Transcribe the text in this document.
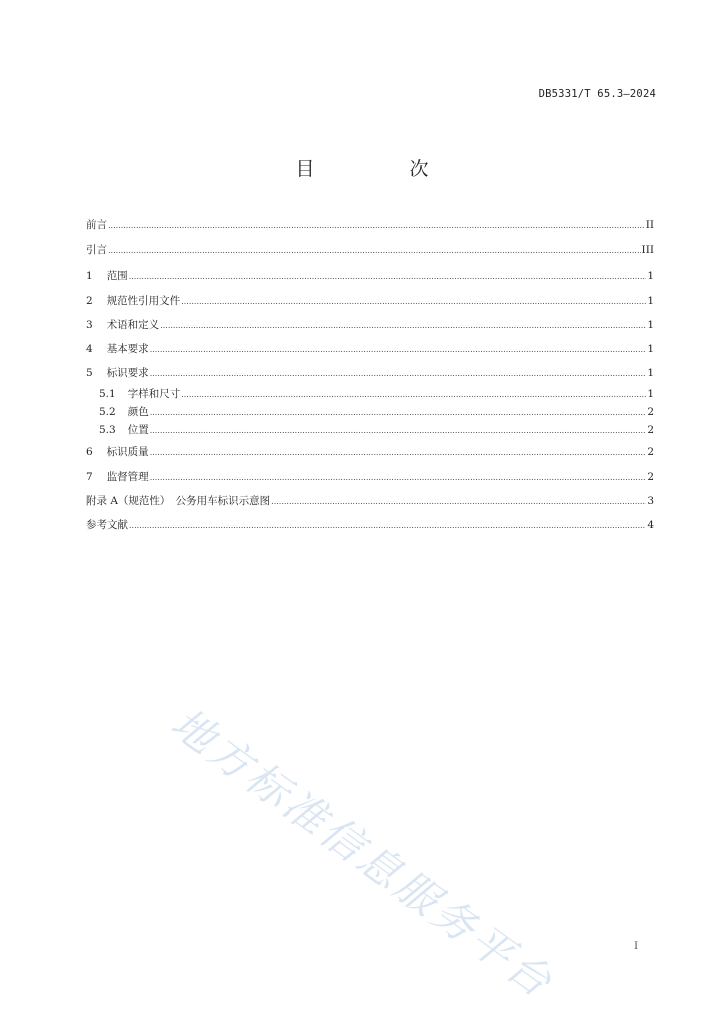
DB5331/T 65.3—2024
目　次
前言 .....	II
引言 .....	III
1 范围 .....	1
2 规范性引用文件 .....	1
3 术语和定义 .....	1
4 基本要求 .....	1
5 标识要求 .....	1
5.1 字样和尺寸 .....	1
5.2 颜色 .....	2
5.3 位置 .....	2
6 标识质量 .....	2
7 监督管理 .....	2
附录 A（规范性）　公务用车标识示意图 .....	3
参考文献 .....	4
地方标准信息服务平台	I
